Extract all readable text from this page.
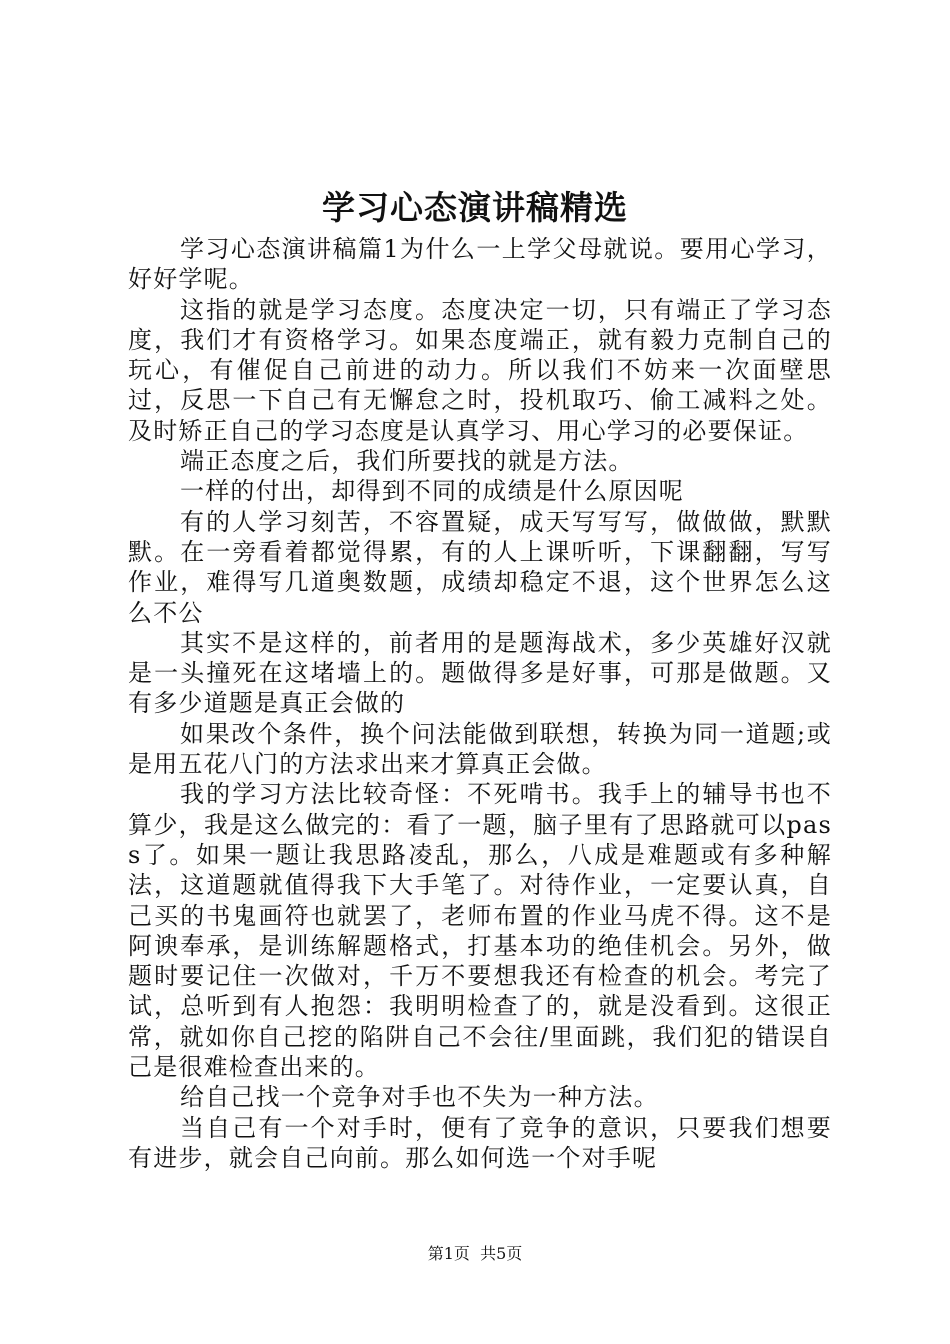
学习心态演讲稿精选

学习心态演讲稿篇1为什么一上学父母就说。要用心学习，好好学呢。

这指的就是学习态度。态度决定一切，只有端正了学习态度，我们才有资格学习。如果态度端正，就有毅力克制自己的玩心，有催促自己前进的动力。所以我们不妨来一次面壁思过，反思一下自己有无懈怠之时，投机取巧、偷工减料之处。及时矫正自己的学习态度是认真学习、用心学习的必要保证。

端正态度之后，我们所要找的就是方法。

一样的付出，却得到不同的成绩是什么原因呢

有的人学习刻苦，不容置疑，成天写写写，做做做，默默默。在一旁看着都觉得累，有的人上课听听，下课翻翻，写写作业，难得写几道奥数题，成绩却稳定不退，这个世界怎么这么不公

其实不是这样的，前者用的是题海战术，多少英雄好汉就是一头撞死在这堵墙上的。题做得多是好事，可那是做题。又有多少道题是真正会做的

如果改个条件，换个问法能做到联想，转换为同一道题;或是用五花八门的方法求出来才算真正会做。

我的学习方法比较奇怪：不死啃书。我手上的辅导书也不算少，我是这么做完的：看了一题，脑子里有了思路就可以pass了。如果一题让我思路凌乱，那么，八成是难题或有多种解法，这道题就值得我下大手笔了。对待作业，一定要认真，自己买的书鬼画符也就罢了，老师布置的作业马虎不得。这不是阿谀奉承，是训练解题格式，打基本功的绝佳机会。另外，做题时要记住一次做对，千万不要想我还有检查的机会。考完了试，总听到有人抱怨：我明明检查了的，就是没看到。这很正常，就如你自己挖的陷阱自己不会往/里面跳，我们犯的错误自己是很难检查出来的。

给自己找一个竞争对手也不失为一种方法。

当自己有一个对手时，便有了竞争的意识，只要我们想要有进步，就会自己向前。那么如何选一个对手呢

第1页 共5页
